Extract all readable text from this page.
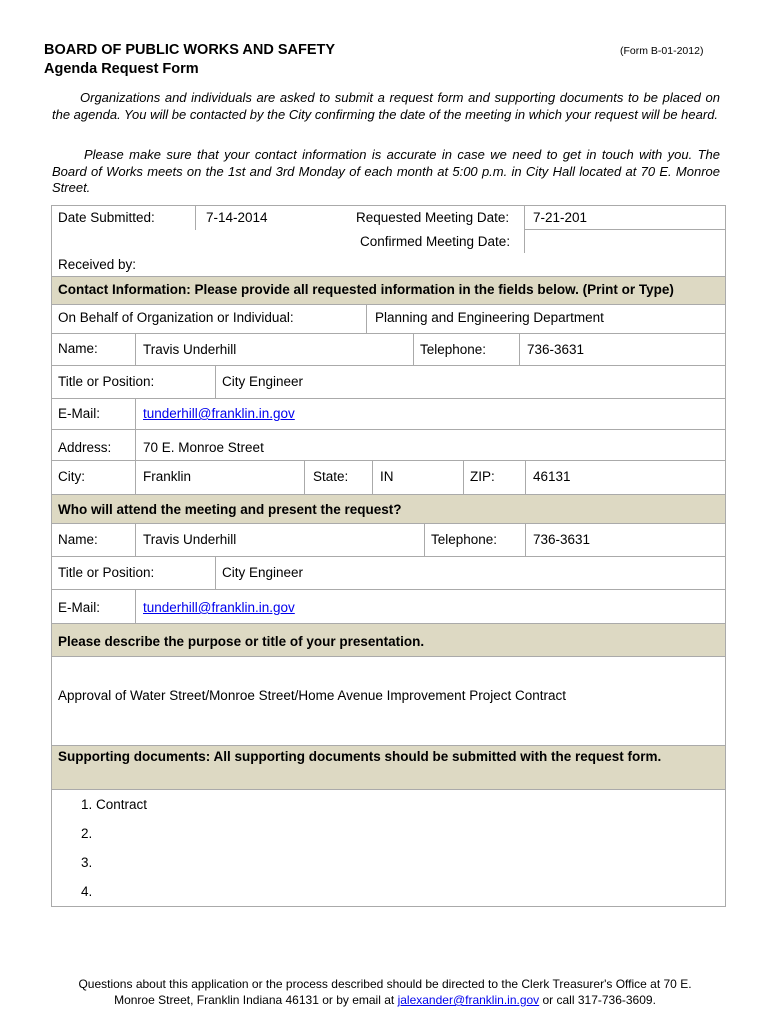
BOARD OF PUBLIC WORKS AND SAFETY
Agenda Request Form
(Form B-01-2012)
Organizations and individuals are asked to submit a request form and supporting documents to be placed on the agenda. You will be contacted by the City confirming the date of the meeting in which your request will be heard.
Please make sure that your contact information is accurate in case we need to get in touch with you. The Board of Works meets on the 1st and 3rd Monday of each month at 5:00 p.m. in City Hall located at 70 E. Monroe Street.
Date Submitted:	7-14-2014	Requested Meeting Date: 7-21-201
Confirmed Meeting Date:
Received by:
Contact Information: Please provide all requested information in the fields below. (Print or Type)
On Behalf of Organization or Individual:	Planning and Engineering Department
Name:	Travis Underhill	Telephone:	736-3631
Title or Position:	City Engineer
E-Mail:	tunderhill@franklin.in.gov
Address: 70 E. Monroe Street
City:	Franklin	State: IN	ZIP:	46131
Who will attend the meeting and present the request?
Name:	Travis Underhill	Telephone:	736-3631
Title or Position:	City Engineer
E-Mail:	tunderhill@franklin.in.gov
Please describe the purpose or title of your presentation.
Approval of Water Street/Monroe Street/Home Avenue Improvement Project Contract
Supporting documents: All supporting documents should be submitted with the request form.
1. Contract
2.
3.
4.
Questions about this application or the process described should be directed to the Clerk Treasurer's Office at 70 E.
Monroe Street, Franklin Indiana 46131 or by email at jalexander@franklin.in.gov or call 317-736-3609.
